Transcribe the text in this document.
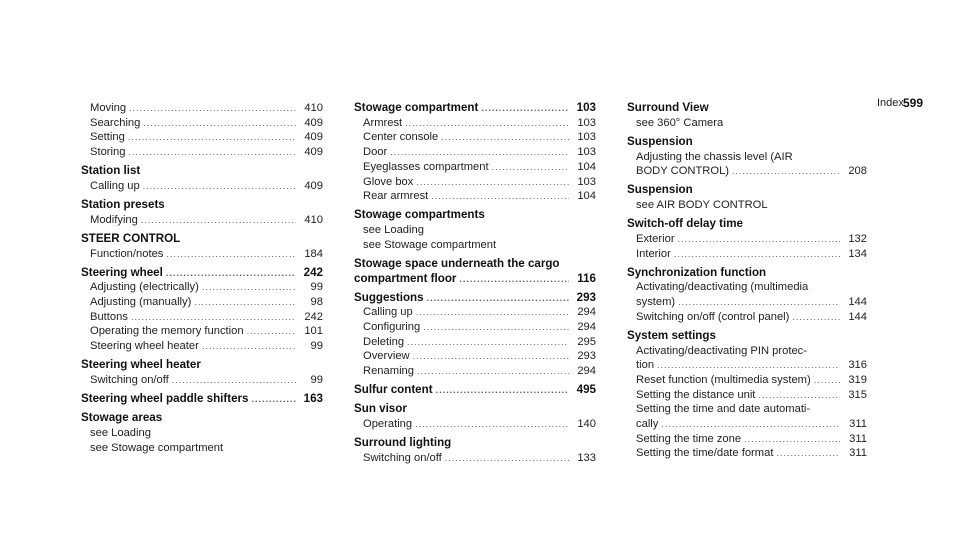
Index 599
Moving .....	410
Searching .....	409
Setting .....	409
Storing .....	409
Station list
Calling up .....	409
Station presets
Modifying .....	410
STEER CONTROL
Function/notes .....	184
Steering wheel .....	242
Adjusting (electrically) .....	99
Adjusting (manually) .....	98
Buttons .....	242
Operating the memory function .....	101
Steering wheel heater .....	99
Steering wheel heater
Switching on/off .....	99
Steering wheel paddle shifters .....	163
Stowage areas
see Loading
see Stowage compartment
Stowage compartment .....	103
Armrest .....	103
Center console .....	103
Door .....	103
Eyeglasses compartment .....	104
Glove box .....	103
Rear armrest .....	104
Stowage compartments
see Loading
see Stowage compartment
Stowage space underneath the cargo
compartment floor .....	116
Suggestions .....	293
Calling up .....	294
Configuring .....	294
Deleting .....	295
Overview .....	293
Renaming .....	294
Sulfur content .....	495
Sun visor
Operating .....	140
Surround lighting
Switching on/off .....	133
Surround View
see 360° Camera
Suspension
Adjusting the chassis level (AIR
BODY CONTROL) .....	208
Suspension
see AIR BODY CONTROL
Switch-off delay time
Exterior .....	132
Interior .....	134
Synchronization function
Activating/deactivating (multimedia
system) .....	144
Switching on/off (control panel) .....	144
System settings
Activating/deactivating PIN protec-
tion .....	316
Reset function (multimedia system) .....	319
Setting the distance unit .....	315
Setting the time and date automati-
cally .....	311
Setting the time zone .....	311
Setting the time/date format .....	311
